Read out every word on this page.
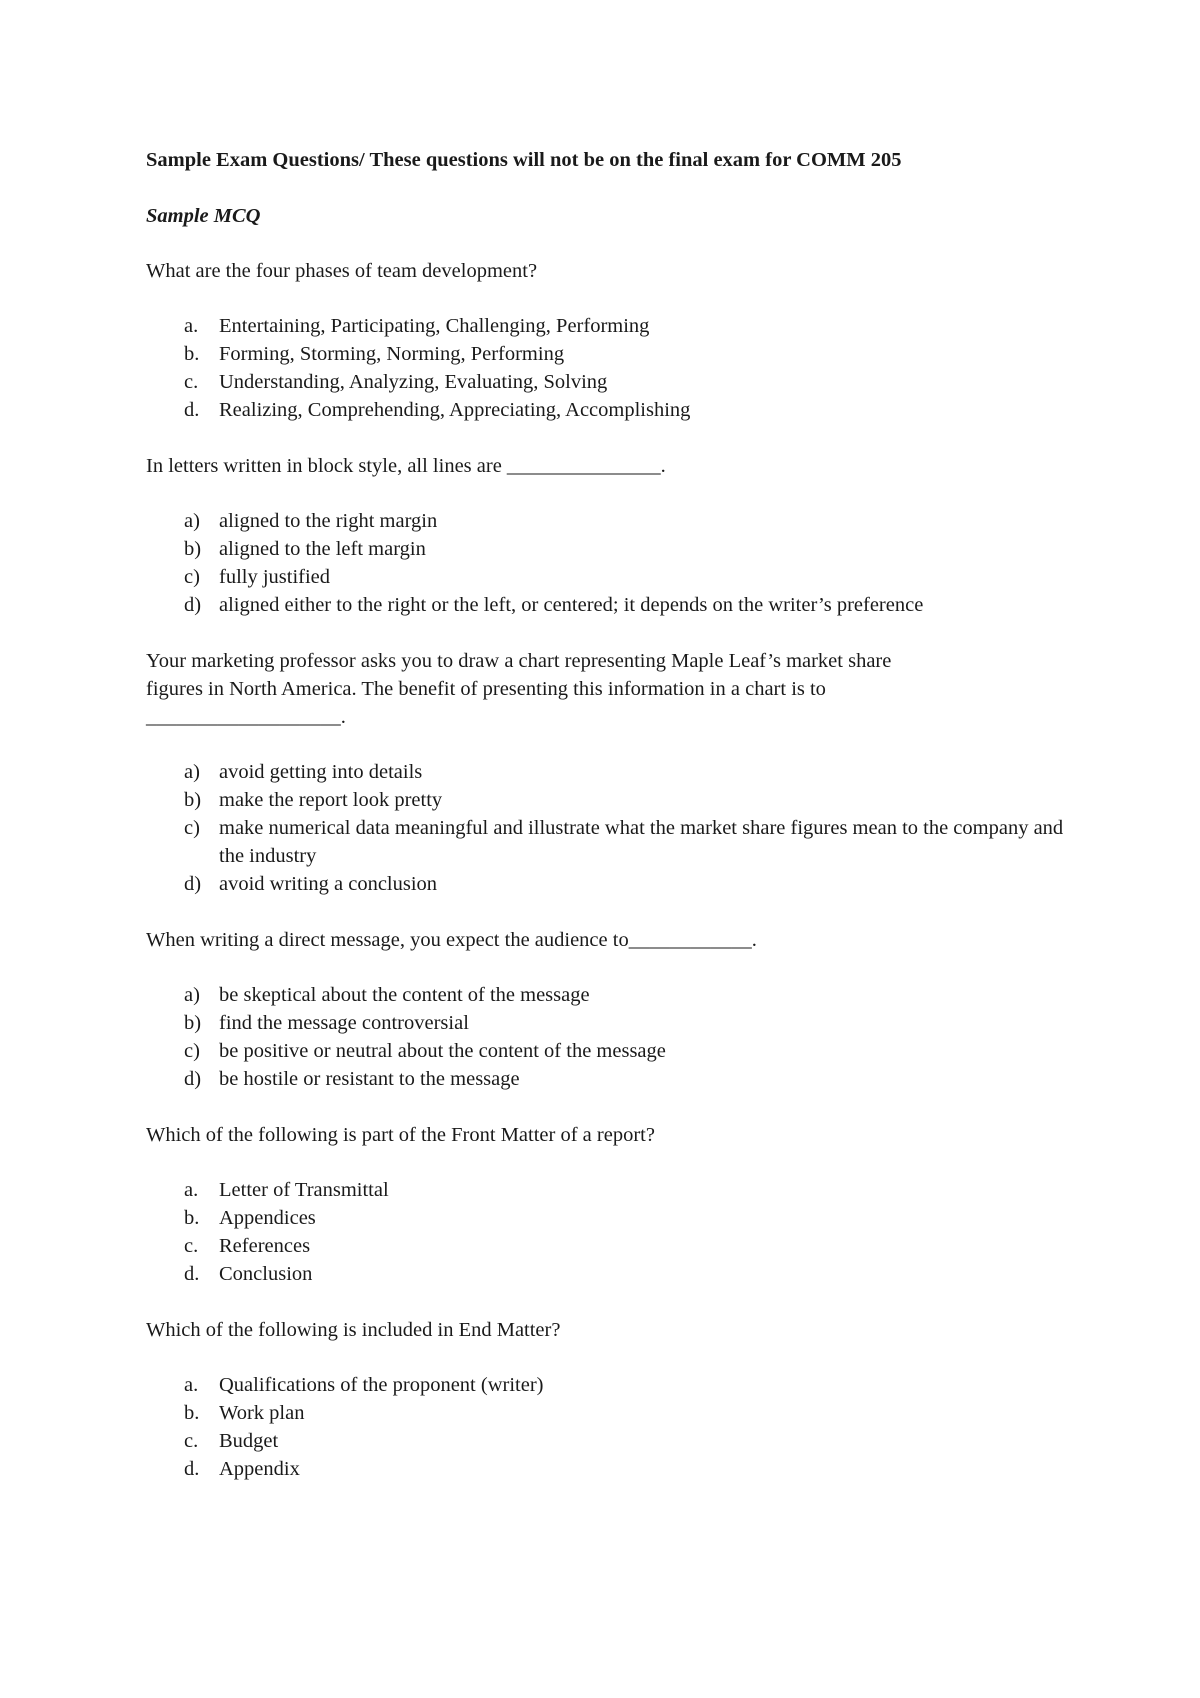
Sample Exam Questions/ These questions will not be on the final exam for COMM 205
Sample MCQ
What are the four phases of team development?
a. Entertaining, Participating, Challenging, Performing
b. Forming, Storming, Norming, Performing
c. Understanding, Analyzing, Evaluating, Solving
d. Realizing, Comprehending, Appreciating, Accomplishing
In letters written in block style, all lines are _______________.
a) aligned to the right margin
b) aligned to the left margin
c) fully justified
d) aligned either to the right or the left, or centered; it depends on the writer’s preference
Your marketing professor asks you to draw a chart representing Maple Leaf’s market share
figures in North America. The benefit of presenting this information in a chart is to
___________________.
a) avoid getting into details
b) make the report look pretty
c) make numerical data meaningful and illustrate what the market share figures mean to the company and the industry
d) avoid writing a conclusion
When writing a direct message, you expect the audience to____________.
a) be skeptical about the content of the message
b) find the message controversial
c) be positive or neutral about the content of the message
d) be hostile or resistant to the message
Which of the following is part of the Front Matter of a report?
a. Letter of Transmittal
b. Appendices
c. References
d. Conclusion
Which of the following is included in End Matter?
a. Qualifications of the proponent (writer)
b. Work plan
c. Budget
d. Appendix
